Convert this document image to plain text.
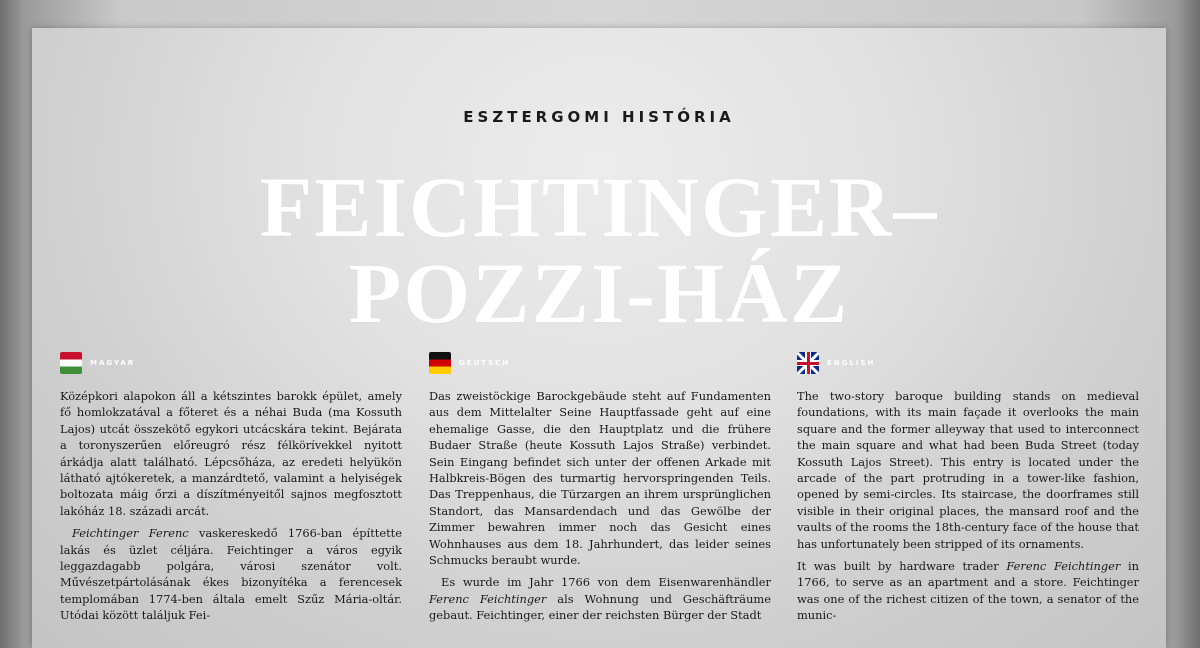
ESZTERGOMI HISTÓRIA
FEICHTINGER–
POZZI-HÁZ
MAGYAR	DEUTSCH	ENGLISH

Középkori alapokon áll a kétszintes barokk épület, amely fő homlokzatával a főteret és a néhai Buda (ma Kossuth Lajos) utcát összekötő egykori utcácskára tekint. Bejárata a toronyszerűen előreugró rész félkörívekkel nyitott árkádja alatt található. Lépcsőháza, az eredeti helyükön látható ajtókeretek, a manzárdtető, valamint a helyiségek boltozata máig őrzi a díszítményeitől sajnos megfosztott lakóház 18. századi arcát.

Feichtinger Ferenc vaskereskedő 1766-ban építtette lakás és üzlet céljára. Feichtinger a város egyik leggazdagabb polgára, városi szenátor volt. Művészetpártolásának ékes bizonyítéka a ferencesek templomában 1774-ben általa emelt Szűz Mária-oltár. Utódai között találjuk Fei-

Das zweistöckige Barockgebäude steht auf Fundamenten aus dem Mittelalter Seine Hauptfassade geht auf eine ehemalige Gasse, die den Hauptplatz und die frühere Budaer Straße (heute Kossuth Lajos Straße) verbindet. Sein Eingang befindet sich unter der offenen Arkade mit Halbkreis-Bögen des turmartig hervorspringenden Teils. Das Treppenhaus, die Türzargen an ihrem ursprünglichen Standort, das Mansardendach und das Gewölbe der Zimmer bewahren immer noch das Gesicht eines Wohnhauses aus dem 18. Jahrhundert, das leider seines Schmucks beraubt wurde.

Es wurde im Jahr 1766 von dem Eisenwarenhändler Ferenc Feichtinger als Wohnung und Geschäfträume gebaut. Feichtinger, einer der reichsten Bürger der Stadt

The two-story baroque building stands on medieval foundations, with its main façade it overlooks the main square and the former alleyway that used to interconnect the main square and what had been Buda Street (today Kossuth Lajos Street). This entry is located under the arcade of the part protruding in a tower-like fashion, opened by semi-circles. Its staircase, the doorframes still visible in their original places, the mansard roof and the vaults of the rooms the 18th-century face of the house that has unfortunately been stripped of its ornaments.

It was built by hardware trader Ferenc Feichtinger in 1766, to serve as an apartment and a store. Feichtinger was one of the richest citizen of the town, a senator of the munic-
